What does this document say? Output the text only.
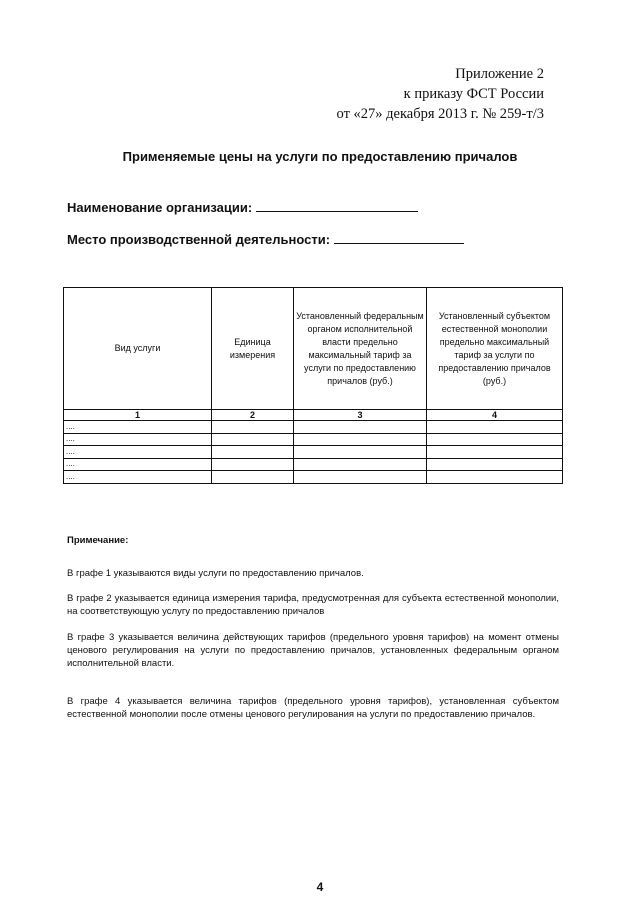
Приложение 2
к приказу ФСТ России
от «27» декабря 2013 г. № 259-т/3
Применяемые цены на услуги по предоставлению причалов
Наименование организации:
Место производственной деятельности:
Вид услуги	Единица измерения	Установленный федеральным органом исполнительной власти предельно максимальный тариф за услуги по предоставлению причалов (руб.)	Установленный субъектом естественной монополии предельно максимальный тариф за услуги по предоставлению причалов (руб.)
1	2	3	4
....			
....			
....			
....			
....			
Примечание:
В графе 1 указываются виды услуги по предоставлению причалов.
В графе 2 указывается единица измерения тарифа, предусмотренная для субъекта естественной монополии, на соответствующую услугу по предоставлению причалов
В графе 3 указывается величина действующих тарифов (предельного уровня тарифов) на момент отмены ценового регулирования на услуги по предоставлению причалов, установленных федеральным органом исполнительной власти.
В графе 4 указывается величина тарифов (предельного уровня тарифов), установленная субъектом естественной монополии после отмены ценового регулирования на услуги по предоставлению причалов.
4
